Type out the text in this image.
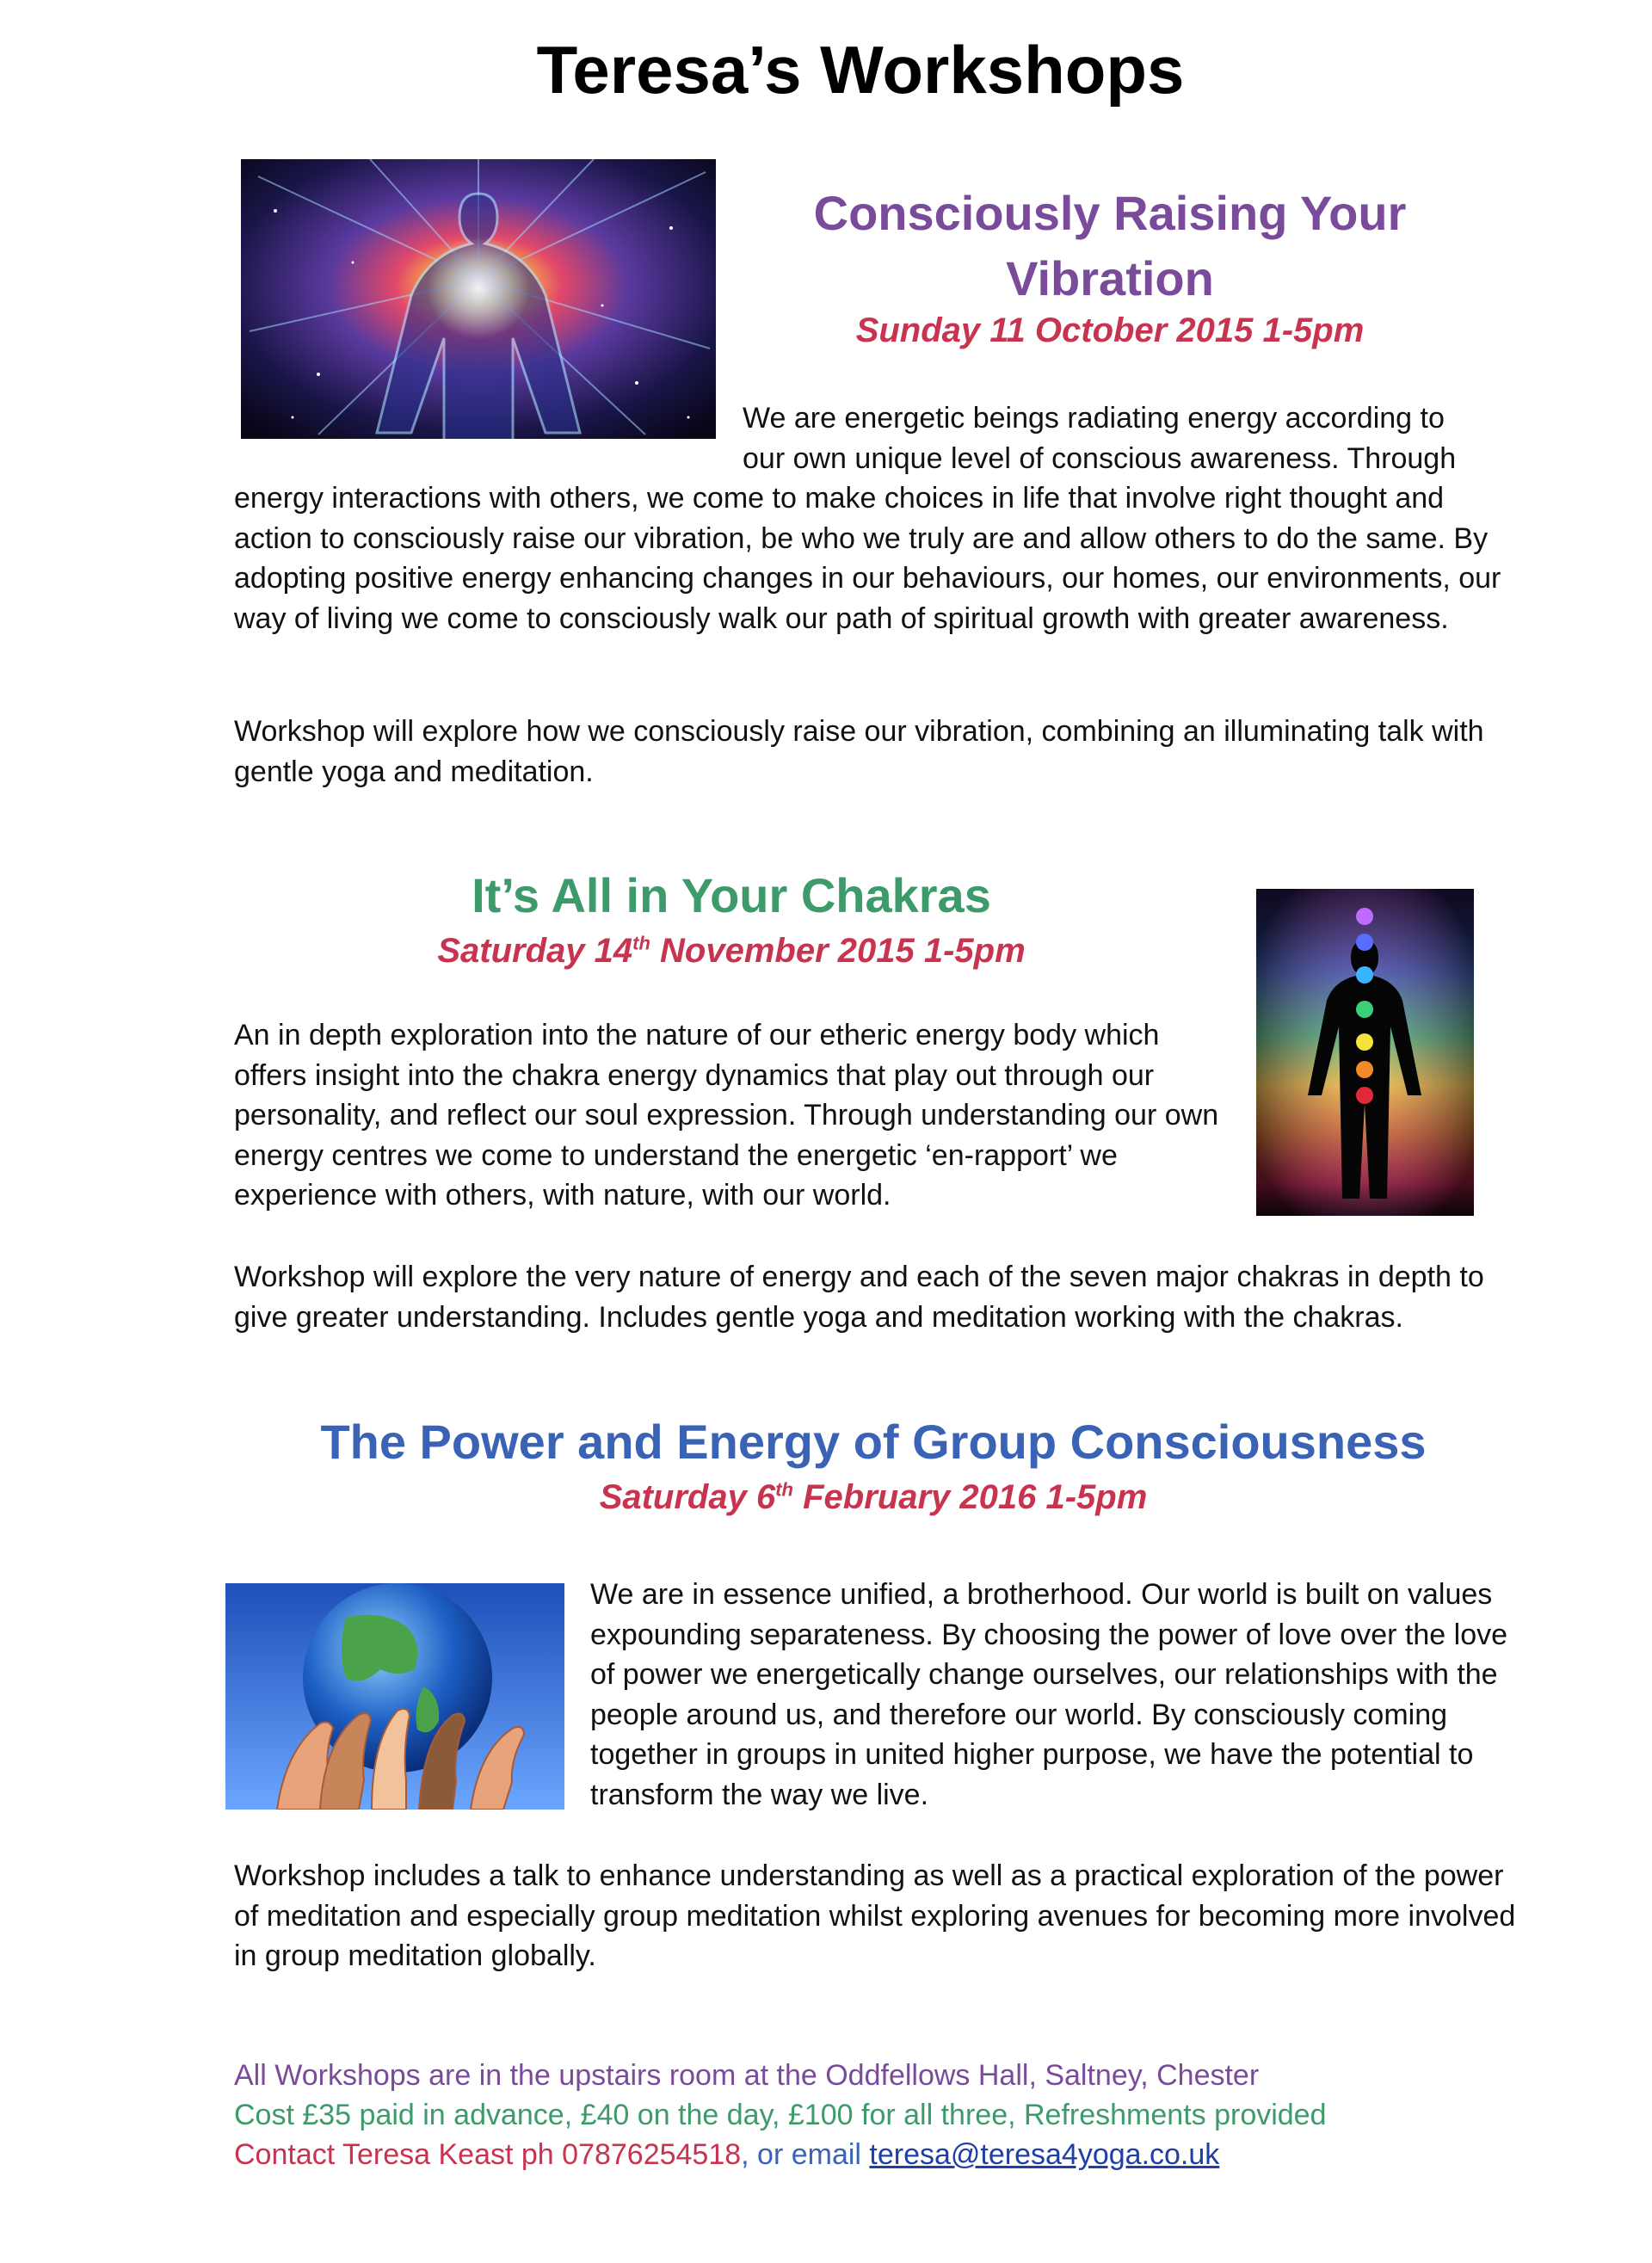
Teresa’s Workshops
Consciously Raising Your
Vibration
Sunday 11 October 2015 1-5pm
We are energetic beings radiating energy according to
our own unique level of conscious awareness. Through
energy interactions with others, we come to make choices in life that involve right thought and action to consciously raise our vibration, be who we truly are and allow others to do the same. By adopting positive energy enhancing changes in our behaviours, our homes, our environments, our way of living we come to consciously walk our path of spiritual growth with greater awareness.
Workshop will explore how we consciously raise our vibration, combining an illuminating talk with gentle yoga and meditation.
It’s All in Your Chakras
Saturday 14th November 2015 1-5pm
An in depth exploration into the nature of our etheric energy body which offers insight into the chakra energy dynamics that play out through our personality, and reflect our soul expression. Through understanding our own energy centres we come to understand the energetic ‘en-rapport’ we experience with others, with nature, with our world.
Workshop will explore the very nature of energy and each of the seven major chakras in depth to give greater understanding. Includes gentle yoga and meditation working with the chakras.
The Power and Energy of Group Consciousness
Saturday 6th February 2016 1-5pm
We are in essence unified, a brotherhood. Our world is built on values expounding separateness. By choosing the power of love over the love of power we energetically change ourselves, our relationships with the people around us, and therefore our world. By consciously coming together in groups in united higher purpose, we have the potential to transform the way we live.
Workshop includes a talk to enhance understanding as well as a practical exploration of the power of meditation and especially group meditation whilst exploring avenues for becoming more involved in group meditation globally.
All Workshops are in the upstairs room at the Oddfellows Hall, Saltney, Chester
Cost £35 paid in advance, £40 on the day, £100 for all three, Refreshments provided
Contact Teresa Keast ph 07876254518, or email teresa@teresa4yoga.co.uk
